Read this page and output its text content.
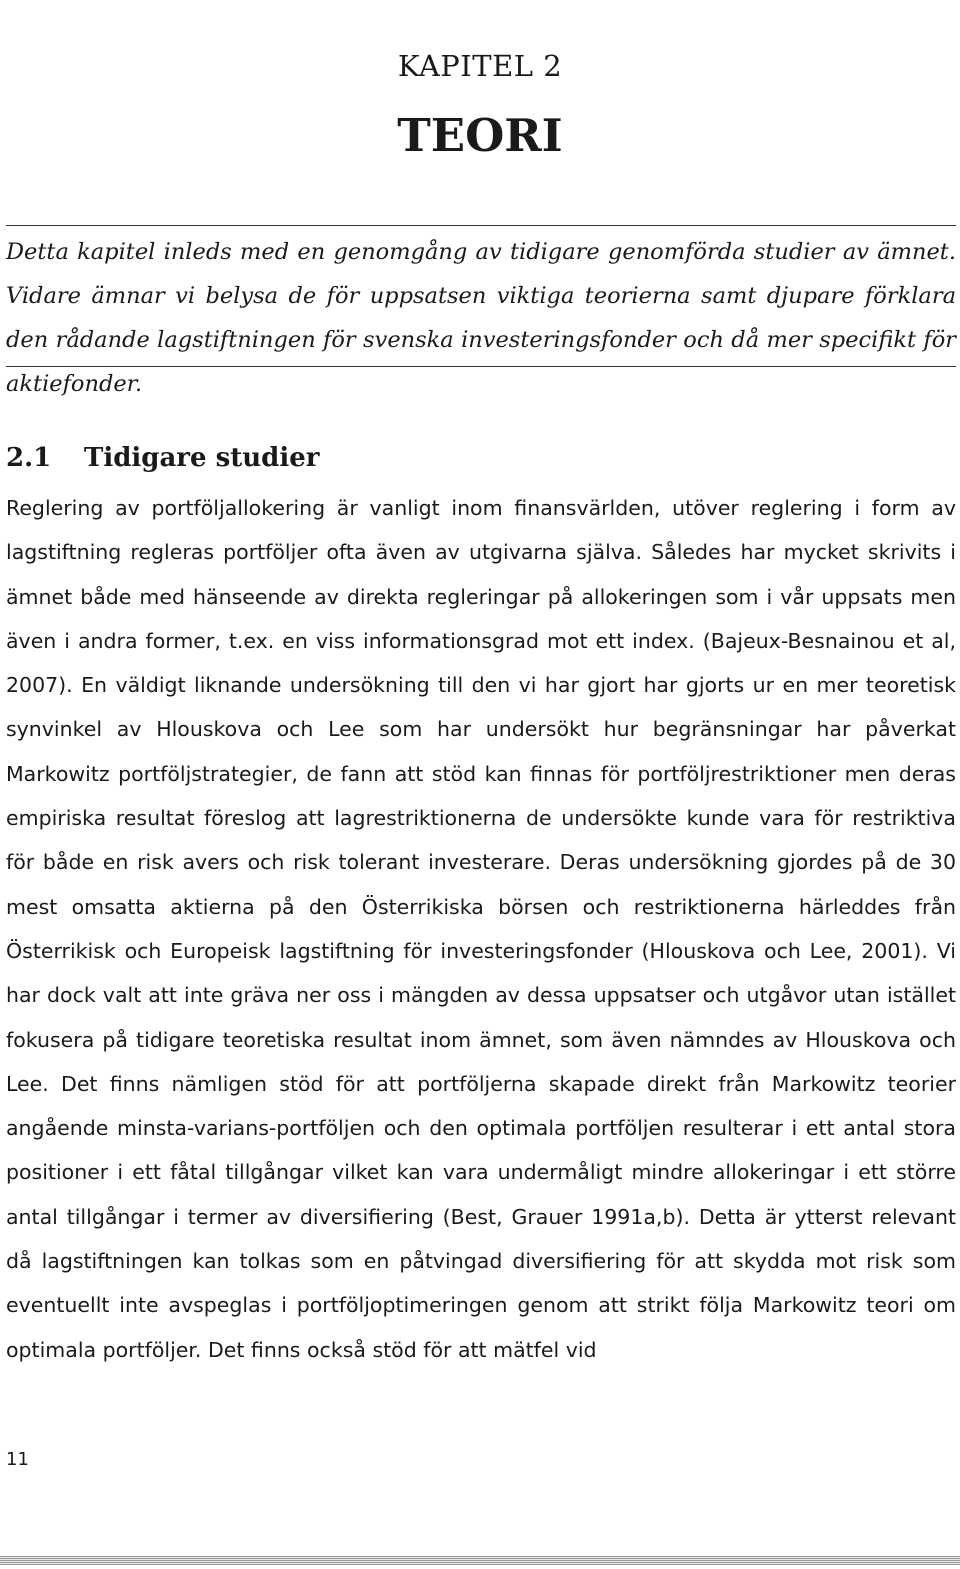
KAPITEL 2
TEORI

Detta kapitel inleds med en genomgång av tidigare genomförda studier av ämnet. Vidare ämnar vi belysa de för uppsatsen viktiga teorierna samt djupare förklara den rådande lagstiftningen för svenska investeringsfonder och då mer specifikt för aktiefonder.

2.1 Tidigare studier

Reglering av portföljallokering är vanligt inom finansvärlden, utöver reglering i form av lagstiftning regleras portföljer ofta även av utgivarna själva. Således har mycket skrivits i ämnet både med hänseende av direkta regleringar på allokeringen som i vår uppsats men även i andra former, t.ex. en viss informationsgrad mot ett index. (Bajeux-Besnainou et al, 2007). En väldigt liknande undersökning till den vi har gjort har gjorts ur en mer teoretisk synvinkel av Hlouskova och Lee som har undersökt hur begränsningar har påverkat Markowitz portföljstrategier, de fann att stöd kan finnas för portföljrestriktioner men deras empiriska resultat föreslog att lagrestriktionerna de undersökte kunde vara för restriktiva för både en risk avers och risk tolerant investerare. Deras undersökning gjordes på de 30 mest omsatta aktierna på den Österrikiska börsen och restriktionerna härleddes från Österrikisk och Europeisk lagstiftning för investeringsfonder (Hlouskova och Lee, 2001). Vi har dock valt att inte gräva ner oss i mängden av dessa uppsatser och utgåvor utan istället fokusera på tidigare teoretiska resultat inom ämnet, som även nämndes av Hlouskova och Lee. Det finns nämligen stöd för att portföljerna skapade direkt från Markowitz teorier angående minsta-varians-portföljen och den optimala portföljen resulterar i ett antal stora positioner i ett fåtal tillgångar vilket kan vara undermåligt mindre allokeringar i ett större antal tillgångar i termer av diversifiering (Best, Grauer 1991a,b). Detta är ytterst relevant då lagstiftningen kan tolkas som en påtvingad diversifiering för att skydda mot risk som eventuellt inte avspeglas i portföljoptimeringen genom att strikt följa Markowitz teori om optimala portföljer. Det finns också stöd för att mätfel vid

11
